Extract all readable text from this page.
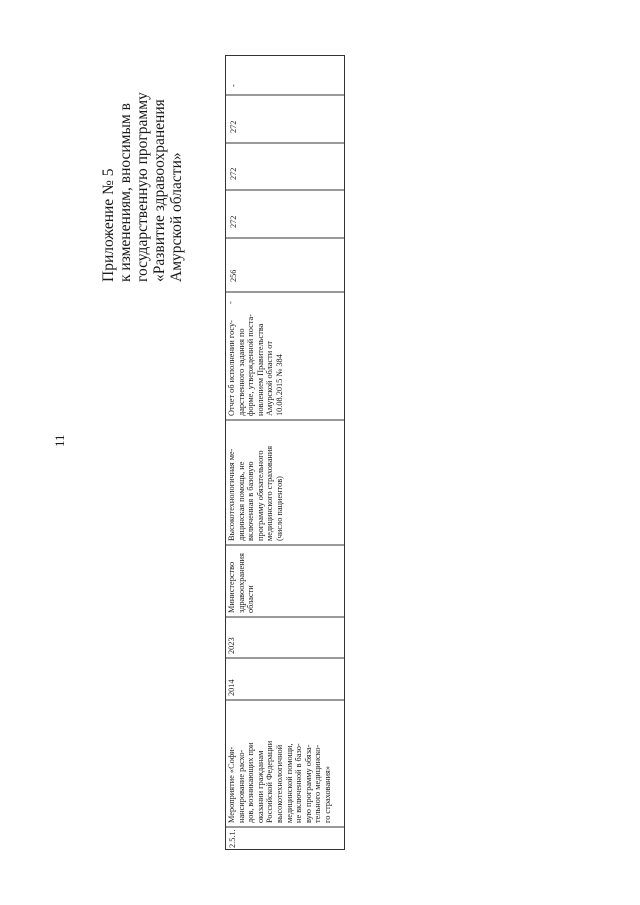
11
Приложение № 5 к изменениям, вносимым в государственную программу «Развитие здравоохранения Амурской области»
-
272
272
272
256
-
Отчет об исполнении госу- дарственного задания по форме, утвержденной поста- новлением Правительства Амурской области от 10.08.2015 № 384
Высокотехнологичная ме- дицинская помощь, не включенная в базовую программу обязательного медицинского страхования (число пациентов)
Министерство здравоохранения области
2023
2014
Мероприятие «Софи- нансирование расхо- дов, возникающих при оказании гражданам Российской Федерации высокотехнологичной медицинской помощи, не включенной в базо- вую программу обяза- тельного медицинско- го страхования»
2.5.1.
